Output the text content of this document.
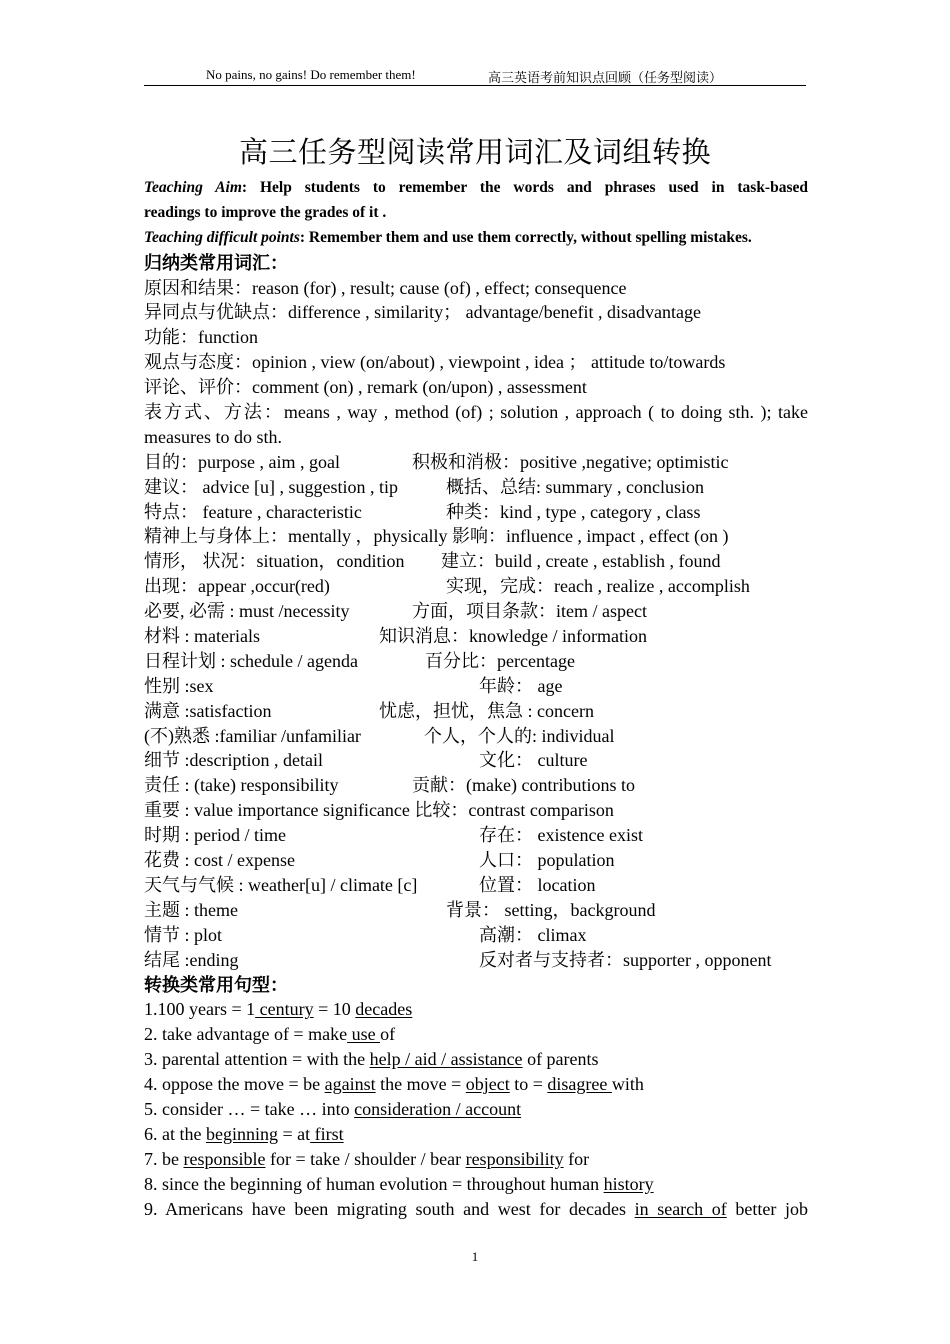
No pains, no gains! Do remember them!	高三英语考前知识点回顾（任务型阅读）
高三任务型阅读常用词汇及词组转换
Teaching Aim: Help students to remember the words and phrases used in task-based
readings to improve the grades of it .
Teaching difficult points: Remember them and use them correctly, without spelling mistakes.
归纳类常用词汇：
原因和结果：reason (for) , result; cause (of) , effect; consequence
异同点与优缺点：difference , similarity； advantage/benefit , disadvantage
功能：function
观点与态度：opinion , view (on/about) , viewpoint , idea ； attitude to/towards
评论、评价：comment (on) , remark (on/upon) , assessment
表方式、方法：means , way , method (of) ; solution , approach ( to doing sth. ); take
measures to do sth.
目的：purpose , aim , goal	积极和消极：positive ,negative; optimistic
建议： advice [u] , suggestion , tip	概括、总结: summary , conclusion
特点： feature , characteristic	种类：kind , type , category , class
精神上与身体上：mentally ，physically 影响：influence , impact , effect (on )
情形， 状况：situation，condition 建立：build , create , establish , found
出现：appear ,occur(red)	实现，完成：reach , realize , accomplish
必要, 必需 : must /necessity	方面，项目条款：item / aspect
材料 : materials	知识消息：knowledge / information
日程计划 : schedule / agenda	百分比：percentage
性别 :sex	年龄： age
满意 :satisfaction	忧虑，担忧，焦急 : concern
(不)熟悉 :familiar /unfamiliar	个人，个人的: individual
细节 :description , detail	文化： culture
责任 : (take) responsibility	贡献：(make) contributions to
重要 : value importance significance 比较：contrast comparison
时期 : period / time	存在： existence exist
花费 : cost / expense	人口： population
天气与气候 : weather[u] / climate [c]	位置： location
主题 : theme	背景： setting，background
情节 : plot	高潮： climax
结尾 :ending	反对者与支持者：supporter , opponent
转换类常用句型：
1.100 years = 1 century = 10 decades
2. take advantage of = make use of
3. parental attention = with the help / aid / assistance of parents
4. oppose the move = be against the move = object to = disagree with
5. consider … = take … into consideration / account
6. at the beginning = at first
7. be responsible for = take / shoulder / bear responsibility for
8. since the beginning of human evolution = throughout human history
9. Americans have been migrating south and west for decades in search of better job
1
